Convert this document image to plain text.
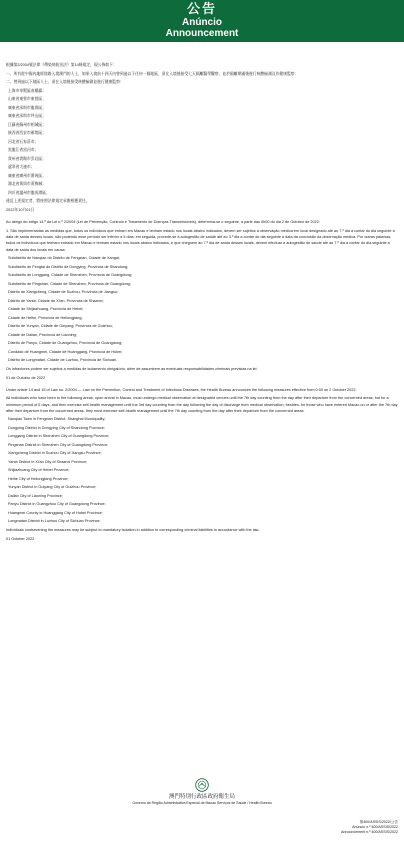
公告
Anúncio
Announcement

根據第2/2004號法律《傳染病防治法》第14條規定，現公佈如下：

一、所有從中國內地經陸路入境澳門的人士，如果入境前十四天內曾到過以下任何一個地區，須在入境後接受七天隔離醫學觀察，並於隔離期滿後進行核酸檢測及作健康監察：

二、曾到過以下地區人士，須在入境後接受核酸檢測並進行健康監察：

上海市奉賢區南橋鎮；

山東省東營市東營區；

廣東省深圳市龍崗區；

廣東省深圳市坪山區；

江蘇省蘇州市相城區；

陝西省西安市雁塔區；

河北省石家莊市；

黑龍江省黑河市；

貴州省貴陽市雲岩區；

遼寧省大連市；

廣東省廣州市番禺區；

湖北省黃岡市黃梅縣；

四川省瀘州市龍馬潭區；

違反上述規定者，將按照法律規定承擔相應責任。

2022年10月01日

Ao abrigo do artigo 14.º da Lei n.º 2/2004 (Lei de Prevenção, Controlo e Tratamento de Doenças Transmissíveis), determina-se o seguinte, a partir das 0h00 do dia 2 de Outubro de 2022:

1. São implementadas as medidas que, todos os indivíduos que entram em Macau e tenham estado nos locais abaixo indicados, devem ser sujeitos à observação médica em local designado até ao 7.º dia a contar do dia seguinte à data de saída desses locais, não podendo esse período ser inferior a 5 dias; em seguida, procede-se à autogestão de saúde até ao 3.º dia a contar do dia seguinte à data da conclusão da observação médica. Por outras palavras, todos os indivíduos que tenham entrado em Macau e tenham estado nos locais abaixo indicados, e que cheguem ao 7.º dia de saída desses locais, devem efectuar a autogestão de saúde até ao 7.º dia a contar do dia seguinte à data de saída dos locais em causa:

Subdistrito de Nanqiao do Distrito de Fengxian, Cidade de Xangai;

Subdistrito de Fengtai do Distrito de Dongying, Província de Shandong;

Subdistrito de Longgang, Cidade de Shenzhen, Província de Guangdong;

Subdistrito de Pingshan, Cidade de Shenzhen, Província de Guangdong;

Distrito de Xiangcheng, Cidade de Suzhou, Província de Jiangsu;

Distrito de Yanta, Cidade de Xi'an, Província de Shaanxi;

Cidade de Shijiazhuang, Província de Hebei;

Cidade de Heihe, Província de Heilongjiang;

Distrito de Yunyan, Cidade de Guiyang, Província de Guizhou;

Cidade de Dalian, Província de Liaoning;

Distrito de Panyu, Cidade de Guangzhou, Província de Guangdong;

Condado de Huangmei, Cidade de Huanggang, Província de Hubei;

Distrito de Longmatan, Cidade de Luzhou, Província de Sichuan.

Os infractores podem ser sujeitos a medidas de isolamento obrigatório, além de assumirem as eventuais responsabilidades criminais previstas na lei.

01 de Outubro de 2022

Under article 14 and 15 of Law no. 2/2004 — Law on the Prevention, Control and Treatment of Infectious Diseases, the Health Bureau announces the following measures effective from 0:00 on 2 October 2022:

All individuals who have been to the following areas, upon arrival in Macao, must undergo medical observation at designated venues until the 7th day counting from the day after their departure from the concerned areas, but for a minimum period of 5 days, and then exercise self-health management until the 3rd day counting from the day following the day of discharge from medical observation; besides, for those who have entered Macao on or after the 7th day after their departure from the concerned areas, they must exercise self-health management until the 7th day counting from the day after their departure from the concerned areas:

Nanqiao Town in Fengxian District, Shanghai Municipality;

Dongying District in Dongying City of Shandong Province;

Longgang District in Shenzhen City of Guangdong Province;

Pingshan District in Shenzhen City of Guangdong Province;

Xiangcheng District in Suzhou City of Jiangsu Province;

Yanta District in Xi'an City of Shaanxi Province;

Shijiazhuang City of Hebei Province;

Heihe City of Heilongjiang Province;

Yunyan District in Guiyang City of Guizhou Province;

Dalian City of Liaoning Province;

Panyu District in Guangzhou City of Guangdong Province;

Huangmei County in Huanggang City of Hubei Province;

Longmatan District in Luzhou City of Sichuan Province.

Individuals contravening the measures may be subject to mandatory isolation in addition to corresponding criminal liabilities in accordance with the law.

01 October 2022

澳門特別行政區政府衛生局
Governo da Região Administrativa Especial de Macau Serviços de Saúde / Health Bureau
第400/ASSIS/2022/公告
Anúncio n.º 400/ASSIS/2022
Announcement n.º 400/ASSIS/2022
